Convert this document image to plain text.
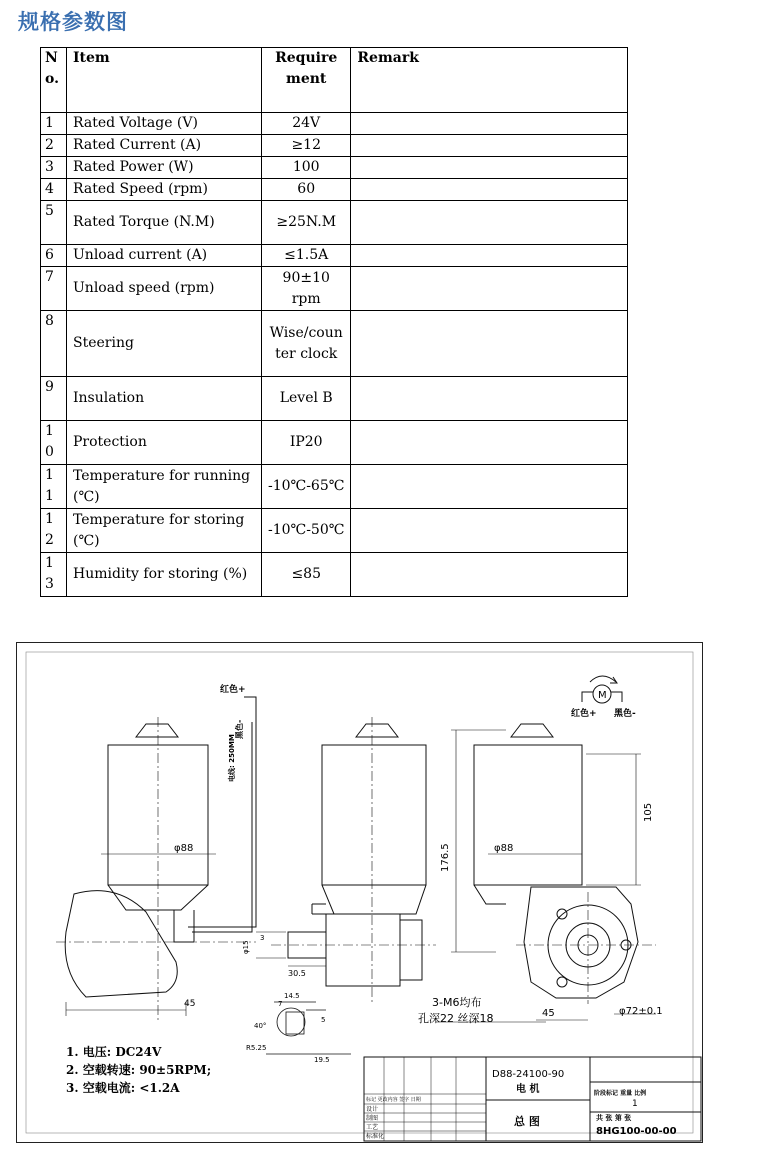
规格参数图
No.	Item	Requirement	Remark
1	Rated Voltage (V)	24V	
2	Rated Current (A)	≥12	
3	Rated Power (W)	100	
4	Rated Speed (rpm)	60	
5	Rated Torque (N.M)	≥25N.M	
6	Unload current (A)	≤1.5A	
7	Unload speed (rpm)	90±10 rpm	
8	Steering	Wise/counter clock	
9	Insulation	Level B	
10	Protection	IP20	
11	Temperature for running (℃)	-10℃-65℃	
12	Temperature for storing (℃)	-10℃-50℃	
13	Humidity for storing (%)	≤85	
红色+
黑色-
电线: 250MM
φ88
45
30.5
φ15
3
14.5
7
40°
5
R5.25
19.5
φ88
105
176.5
45	φ72±0.1
3-M6均布
孔深22 丝深18
M
红色+ 黑色-
1. 电压: DC24V
2. 空载转速: 90±5RPM;
3. 空载电流: <1.2A
D88-24100-90
电 机
总 图
阶段标记 重量 比例
1
共 张 第 张
8HG100-00-00
标记 更改内容 签字 日期
设计
制图
工艺
标准化
